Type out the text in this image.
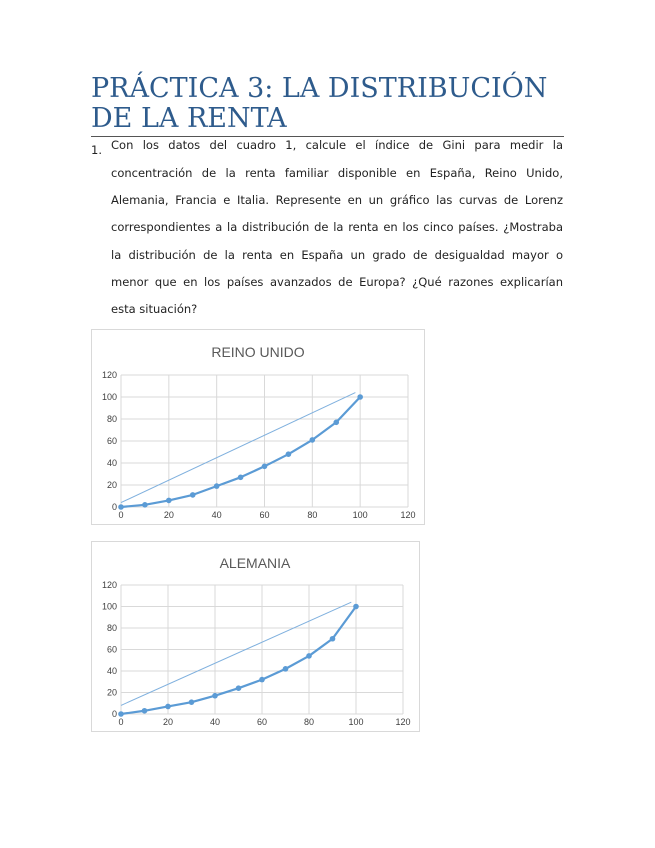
PRÁCTICA 3: LA DISTRIBUCIÓN
DE LA RENTA
1. Con los datos del cuadro 1, calcule el índice de Gini para medir la
concentración de la renta familiar disponible en España, Reino Unido,
Alemania, Francia e Italia. Represente en un gráfico las curvas de Lorenz
correspondientes a la distribución de la renta en los cinco países. ¿Mostraba
la distribución de la renta en España un grado de desigualdad mayor o
menor que en los países avanzados de Europa? ¿Qué razones explicarían
esta situación?
REINO UNIDO
0
20
40
60
80
100
120
0	20	40	60	80	100	120
ALEMANIA
0
20
40
60
80
100
120
0	20	40	60	80	100	120
